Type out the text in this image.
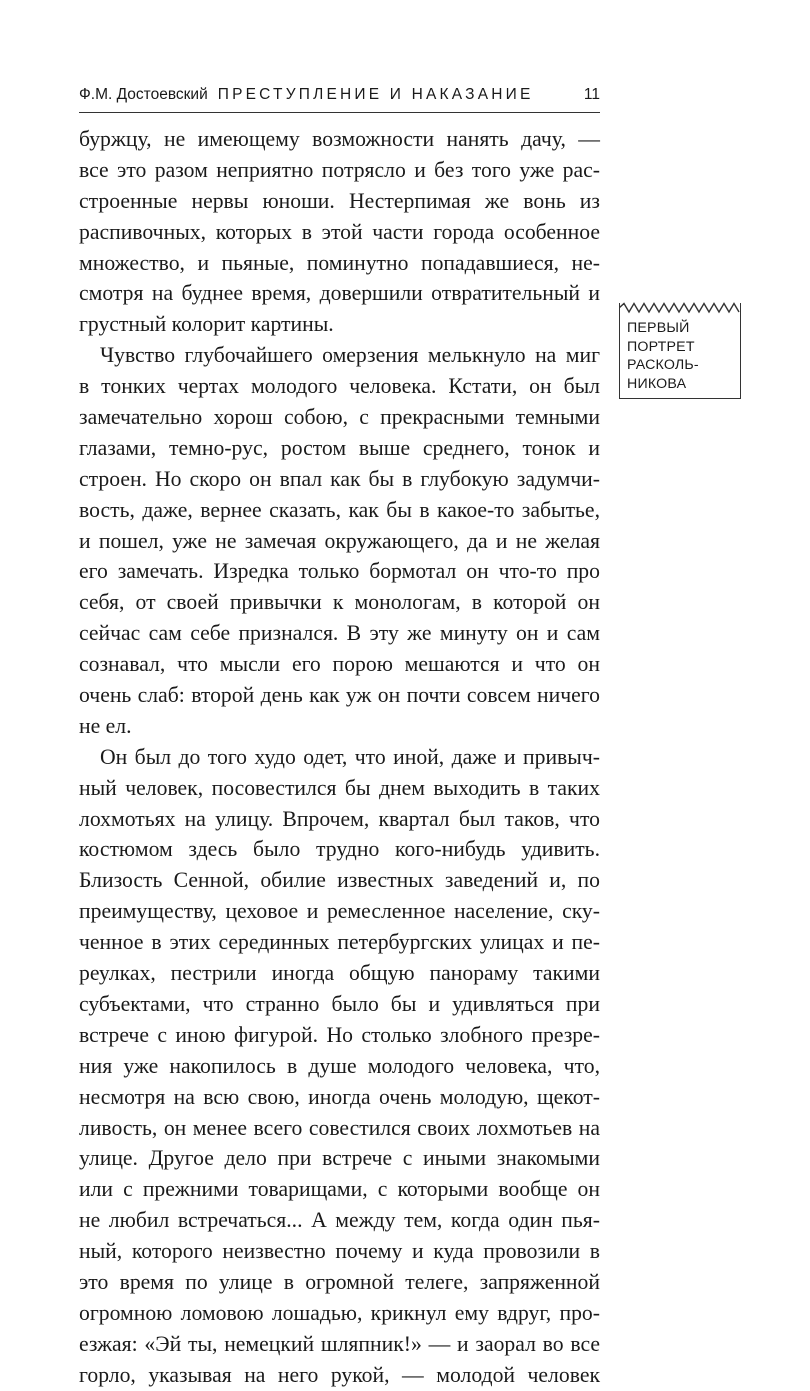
Ф.М. Достоевский ПРЕСТУПЛЕНИЕ И НАКАЗАНИЕ	11
буржцу, не имеющему возможности нанять дачу, —
все это разом неприятно потрясло и без того уже рас-
строенные нервы юноши. Нестерпимая же вонь из
распивочных, которых в этой части города особенное
множество, и пьяные, поминутно попадавшиеся, не-
смотря на буднее время, довершили отвратительный и
грустный колорит картины.
Чувство глубочайшего омерзения мелькнуло на миг
в тонких чертах молодого человека. Кстати, он был
замечательно хорош собою, с прекрасными темными
глазами, темно-рус, ростом выше среднего, тонок и
строен. Но скоро он впал как бы в глубокую задумчи-
вость, даже, вернее сказать, как бы в какое-то забытье,
и пошел, уже не замечая окружающего, да и не желая
его замечать. Изредка только бормотал он что-то про
себя, от своей привычки к монологам, в которой он
сейчас сам себе признался. В эту же минуту он и сам
сознавал, что мысли его порою мешаются и что он
очень слаб: второй день как уж он почти совсем ничего
не ел.
Он был до того худо одет, что иной, даже и привыч-
ный человек, посовестился бы днем выходить в таких
лохмотьях на улицу. Впрочем, квартал был таков, что
костюмом здесь было трудно кого-нибудь удивить.
Близость Сенной, обилие известных заведений и, по
преимуществу, цеховое и ремесленное население, ску-
ченное в этих серединных петербургских улицах и пе-
реулках, пестрили иногда общую панораму такими
субъектами, что странно было бы и удивляться при
встрече с иною фигурой. Но столько злобного презре-
ния уже накопилось в душе молодого человека, что,
несмотря на всю свою, иногда очень молодую, щекот-
ливость, он менее всего совестился своих лохмотьев на
улице. Другое дело при встрече с иными знакомыми
или с прежними товарищами, с которыми вообще он
не любил встречаться... А между тем, когда один пья-
ный, которого неизвестно почему и куда провозили в
это время по улице в огромной телеге, запряженной
огромною ломовою лошадью, крикнул ему вдруг, про-
езжая: «Эй ты, немецкий шляпник!» — и заорал во все
горло, указывая на него рукой, — молодой человек
ПЕРВЫЙ
ПОРТРЕТ
РАСКОЛЬ-
НИКОВА
